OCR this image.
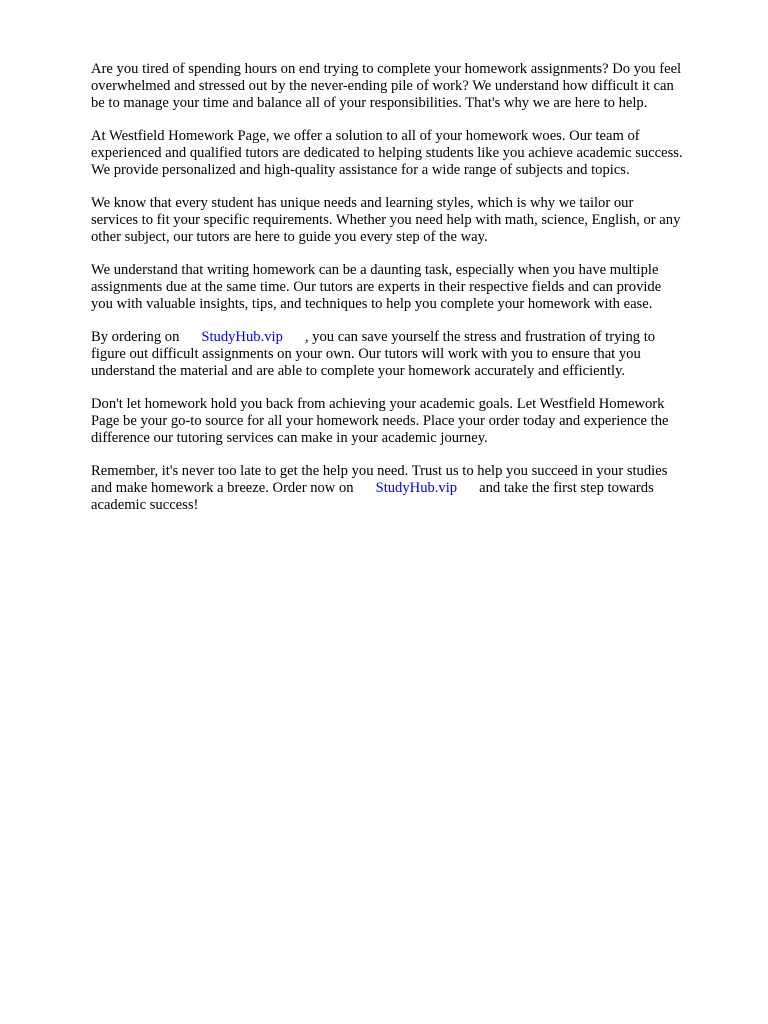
Are you tired of spending hours on end trying to complete your homework assignments? Do you feel
overwhelmed and stressed out by the never-ending pile of work? We understand how difficult it can
be to manage your time and balance all of your responsibilities. That's why we are here to help.

At Westfield Homework Page, we offer a solution to all of your homework woes. Our team of
experienced and qualified tutors are dedicated to helping students like you achieve academic success.
We provide personalized and high-quality assistance for a wide range of subjects and topics.

We know that every student has unique needs and learning styles, which is why we tailor our
services to fit your specific requirements. Whether you need help with math, science, English, or any
other subject, our tutors are here to guide you every step of the way.

We understand that writing homework can be a daunting task, especially when you have multiple
assignments due at the same time. Our tutors are experts in their respective fields and can provide
you with valuable insights, tips, and techniques to help you complete your homework with ease.

By ordering on StudyHub.vip , you can save yourself the stress and frustration of trying to
figure out difficult assignments on your own. Our tutors will work with you to ensure that you
understand the material and are able to complete your homework accurately and efficiently.

Don't let homework hold you back from achieving your academic goals. Let Westfield Homework
Page be your go-to source for all your homework needs. Place your order today and experience the
difference our tutoring services can make in your academic journey.

Remember, it's never too late to get the help you need. Trust us to help you succeed in your studies
and make homework a breeze. Order now on StudyHub.vip and take the first step towards
academic success!
